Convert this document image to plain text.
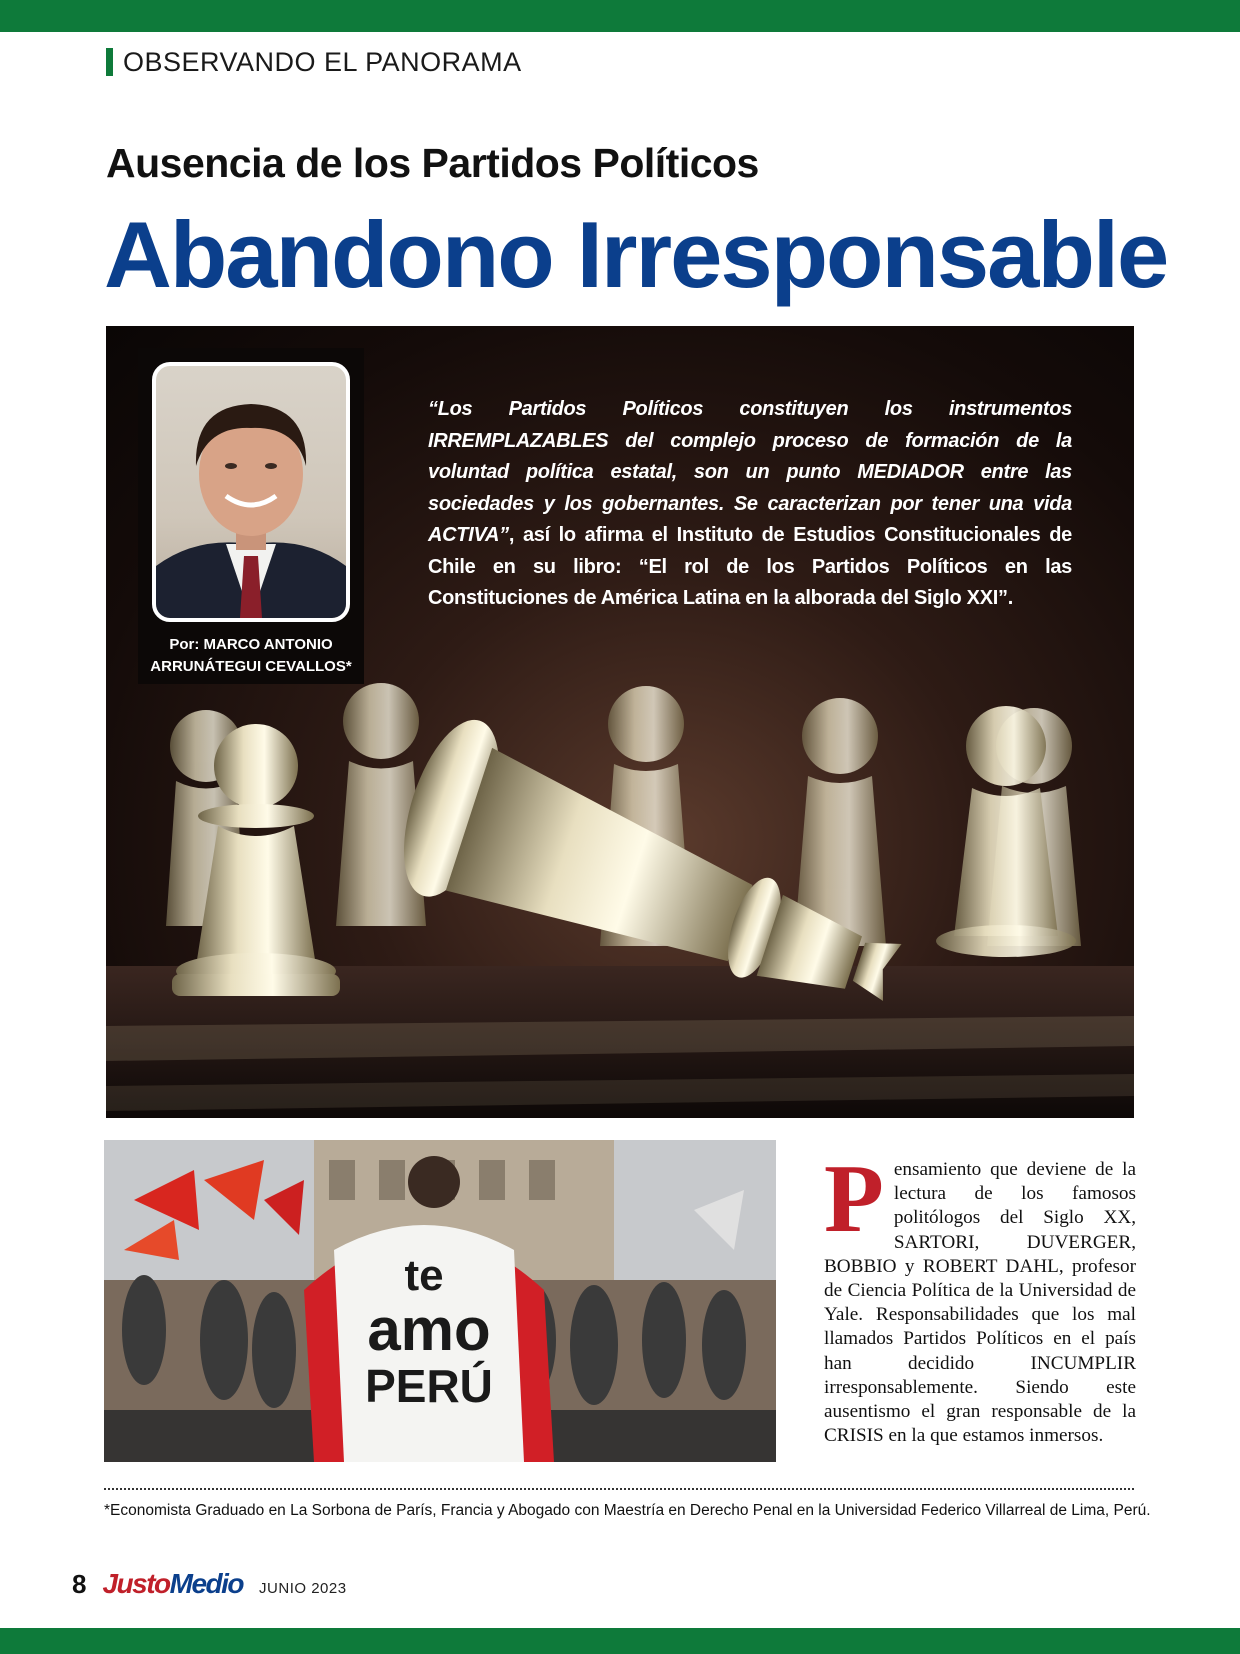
OBSERVANDO EL PANORAMA
Ausencia de los Partidos Políticos
Abandono Irresponsable
Por: MARCO ANTONIO
ARRUNÁTEGUI CEVALLOS*
“Los Partidos Políticos constituyen los instrumentos IRREMPLAZABLES del complejo proceso de formación de la voluntad política estatal, son un punto MEDIADOR entre las sociedades y los gobernantes. Se caracterizan por tener una vida ACTIVA”, así lo afirma el Instituto de Estudios Constitucionales de Chile en su libro: “El rol de los Partidos Políticos en las Constituciones de América Latina en la alborada del Siglo XXI”.
te
amo
PERÚ
Pensamiento que deviene de la lectura de los famosos politólogos del Siglo XX, SARTORI, DUVERGER, BOBBIO y ROBERT DAHL, profesor de Ciencia Política de la Universidad de Yale. Responsabilidades que los mal llamados Partidos Políticos en el país han decidido INCUMPLIR irresponsablemente. Siendo este ausentismo el gran responsable de la CRISIS en la que estamos inmersos.
*Economista Graduado en La Sorbona de París, Francia y Abogado con Maestría en Derecho Penal en la Universidad Federico Villarreal de Lima, Perú.
8 JustoMedio JUNIO 2023
